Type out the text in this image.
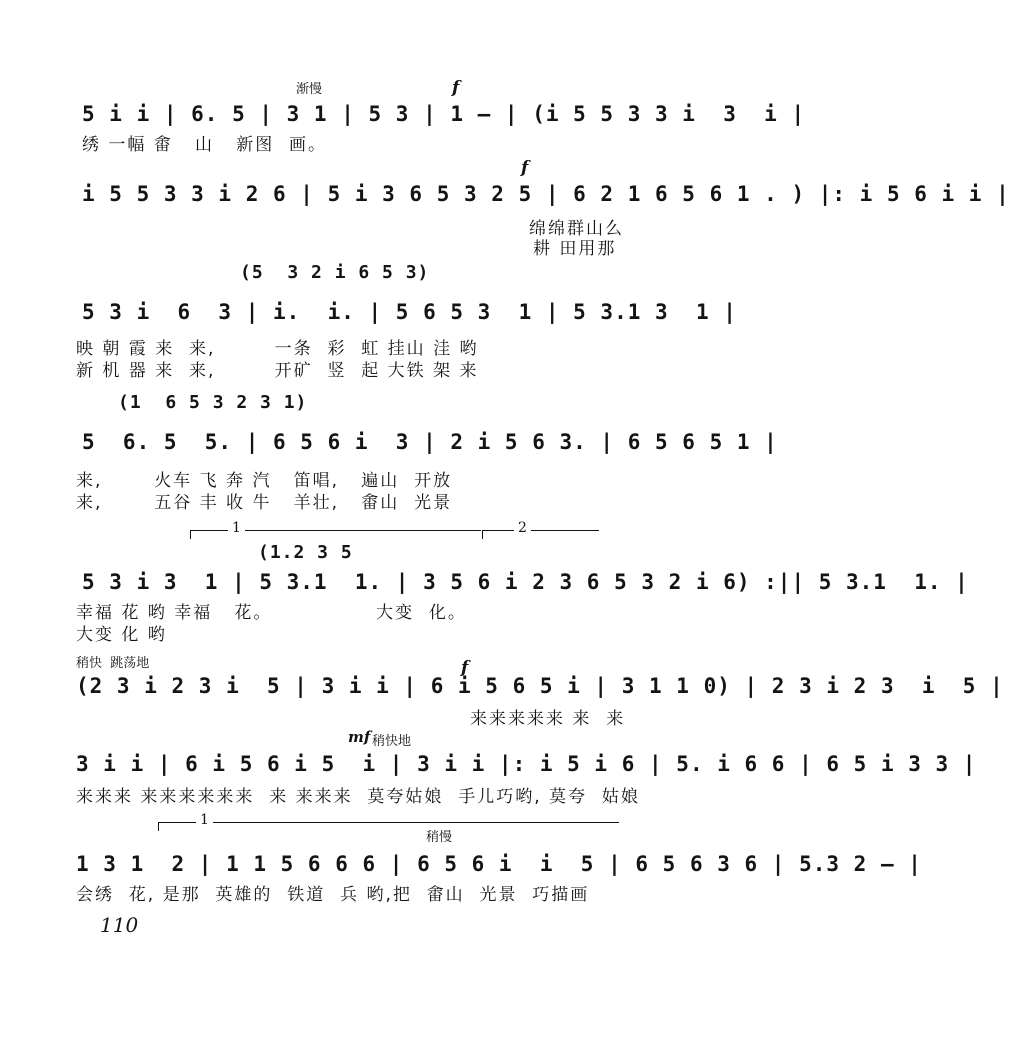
渐慢	f
5 i i | 6. 5 | 3 1 | 5 3 | 1 — | (i 5 5 3 3 i  3  i |
绣 一幅 畬   山   新图  画。
f
i 5 5 3 3 i 2 6 | 5 i 3 6 5 3 2 5 | 6 2 1 6 5 6 1 . ) |: i 5 6 i i |
绵绵群山么
耕 田用那
(5  3 2 i 6 5 3)
5 3 i  6  3 | i.  i. | 5 6 5 3  1 | 5 3.1 3  1 |
映 朝 霞 来  来,        一条  彩  虹 挂山 洼 哟
新 机 器 来  来,        开矿  竖  起 大铁 架 来
(1  6 5 3 2 3 1)
5  6. 5  5. | 6 5 6 i  3 | 2 i 5 6 3. | 6 5 6 5 1 |
来,       火车 飞 奔 汽   笛唱,   遍山  开放
来,       五谷 丰 收 牛   羊壮,   畬山  光景
1	2
(1.2 3 5
5 3 i 3  1 | 5 3.1  1. | 3 5 6 i 2 3 6 5 3 2 i 6) :|| 5 3.1  1. |
幸福 花 哟 幸福   花。              大变  化。
大变 化 哟
稍快  跳荡地	f
(2 3 i 2 3 i  5 | 3 i i | 6 i 5 6 5 i | 3 1 1 0) | 2 3 i 2 3  i  5 |
来来来来来 来  来
mf 稍快地
3 i i | 6 i 5 6 i 5  i | 3 i i |: i 5 i 6 | 5. i 6 6 | 6 5 i 3 3 |
来来来 来来来来来来  来 来来来  莫夸姑娘  手儿巧哟, 莫夸  姑娘
1
稍慢
1 3 1  2 | 1 1 5 6 6 6 | 6 5 6 i  i  5 | 6 5 6 3 6 | 5.3 2 — |
会绣  花, 是那  英雄的  铁道  兵 哟,把  畬山  光景  巧描画
110
